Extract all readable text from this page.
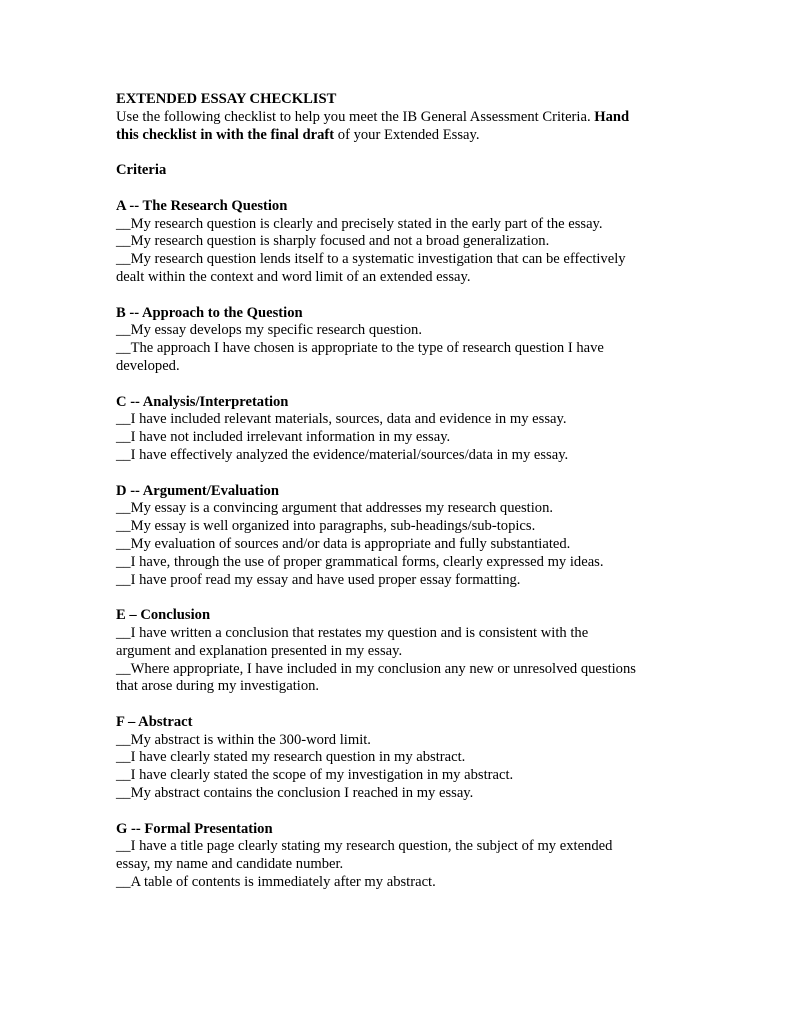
EXTENDED ESSAY CHECKLIST
Use the following checklist to help you meet the IB General Assessment Criteria. Hand
this checklist in with the final draft of your Extended Essay.
Criteria
A -- The Research Question
__My research question is clearly and precisely stated in the early part of the essay.
__My research question is sharply focused and not a broad generalization.
__My research question lends itself to a systematic investigation that can be effectively
dealt within the context and word limit of an extended essay.
B -- Approach to the Question
__My essay develops my specific research question.
__The approach I have chosen is appropriate to the type of research question I have
developed.
C -- Analysis/Interpretation
__I have included relevant materials, sources, data and evidence in my essay.
__I have not included irrelevant information in my essay.
__I have effectively analyzed the evidence/material/sources/data in my essay.
D -- Argument/Evaluation
__My essay is a convincing argument that addresses my research question.
__My essay is well organized into paragraphs, sub-headings/sub-topics.
__My evaluation of sources and/or data is appropriate and fully substantiated.
__I have, through the use of proper grammatical forms, clearly expressed my ideas.
__I have proof read my essay and have used proper essay formatting.
E – Conclusion
__I have written a conclusion that restates my question and is consistent with the
argument and explanation presented in my essay.
__Where appropriate, I have included in my conclusion any new or unresolved questions
that arose during my investigation.
F – Abstract
__My abstract is within the 300-word limit.
__I have clearly stated my research question in my abstract.
__I have clearly stated the scope of my investigation in my abstract.
__My abstract contains the conclusion I reached in my essay.
G -- Formal Presentation
__I have a title page clearly stating my research question, the subject of my extended
essay, my name and candidate number.
__A table of contents is immediately after my abstract.
